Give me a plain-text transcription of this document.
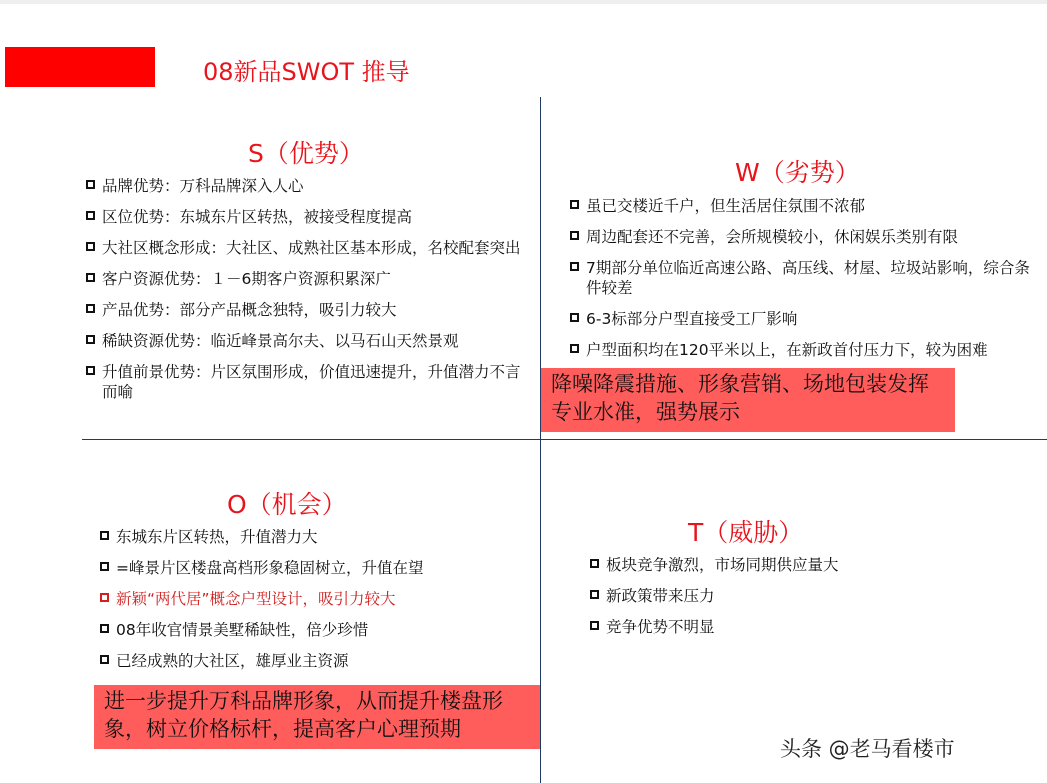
08新品SWOT 推导
S（优势）
品牌优势：万科品牌深入人心
区位优势：东城东片区转热，被接受程度提高
大社区概念形成：大社区、成熟社区基本形成，名校配套突出
客户资源优势：１－6期客户资源积累深广
产品优势：部分产品概念独特，吸引力较大
稀缺资源优势：临近峰景高尔夫、以马石山天然景观
升值前景优势：片区氛围形成，价值迅速提升，升值潜力不言而喻
W（劣势）
虽已交楼近千户，但生活居住氛围不浓郁
周边配套还不完善，会所规模较小，休闲娱乐类别有限
7期部分单位临近高速公路、高压线、材屋、垃圾站影响，综合条件较差
6-3标部分户型直接受工厂影响
户型面积均在120平米以上，在新政首付压力下，较为困难
降噪降震措施、形象营销、场地包装发挥专业水准，强势展示
O（机会）
东城东片区转热，升值潜力大
=峰景片区楼盘高档形象稳固树立，升值在望
新颖“两代居”概念户型设计，吸引力较大
08年收官情景美墅稀缺性，倍少珍惜
已经成熟的大社区，雄厚业主资源
进一步提升万科品牌形象，从而提升楼盘形象，树立价格标杆，提高客户心理预期
T（威胁）
板块竞争激烈，市场同期供应量大
新政策带来压力
竞争优势不明显
头条 @老马看楼市
